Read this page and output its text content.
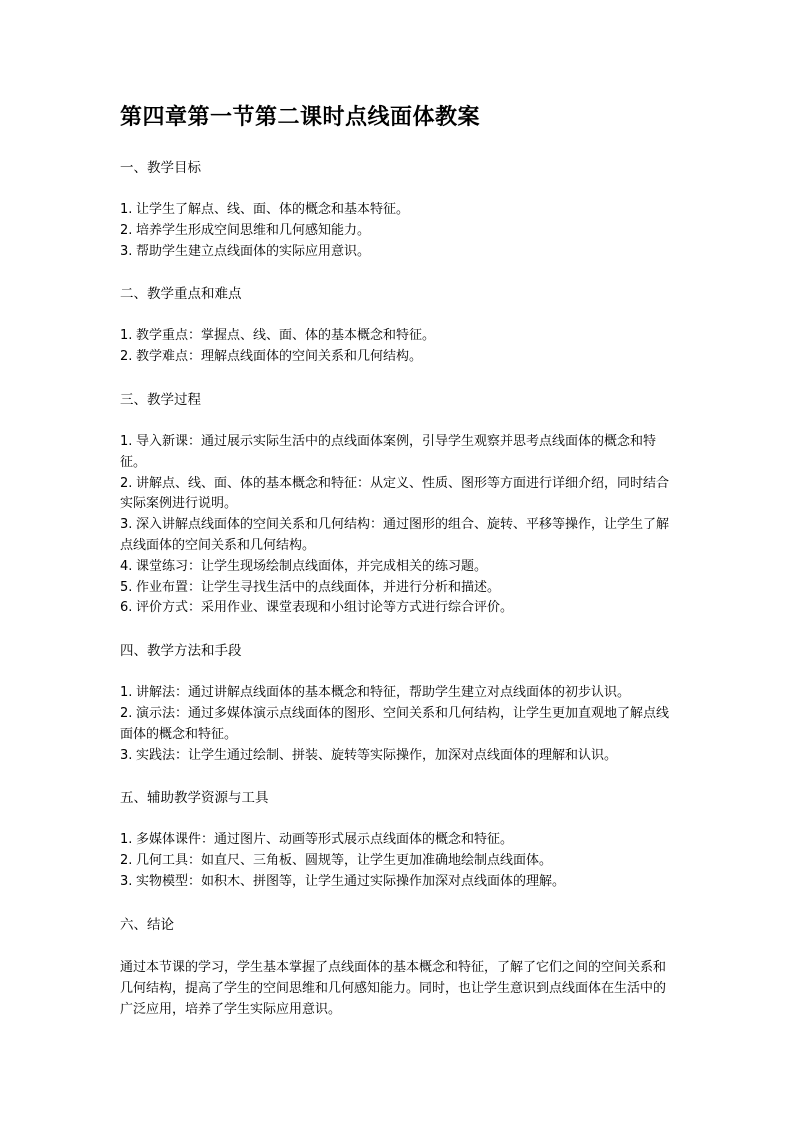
第四章第一节第二课时点线面体教案
一、教学目标
1. 让学生了解点、线、面、体的概念和基本特征。
2. 培养学生形成空间思维和几何感知能力。
3. 帮助学生建立点线面体的实际应用意识。
二、教学重点和难点
1. 教学重点：掌握点、线、面、体的基本概念和特征。
2. 教学难点：理解点线面体的空间关系和几何结构。
三、教学过程
1. 导入新课：通过展示实际生活中的点线面体案例，引导学生观察并思考点线面体的概念和特征。
2. 讲解点、线、面、体的基本概念和特征：从定义、性质、图形等方面进行详细介绍，同时结合实际案例进行说明。
3. 深入讲解点线面体的空间关系和几何结构：通过图形的组合、旋转、平移等操作，让学生了解点线面体的空间关系和几何结构。
4. 课堂练习：让学生现场绘制点线面体，并完成相关的练习题。
5. 作业布置：让学生寻找生活中的点线面体，并进行分析和描述。
6. 评价方式：采用作业、课堂表现和小组讨论等方式进行综合评价。
四、教学方法和手段
1. 讲解法：通过讲解点线面体的基本概念和特征，帮助学生建立对点线面体的初步认识。
2. 演示法：通过多媒体演示点线面体的图形、空间关系和几何结构，让学生更加直观地了解点线面体的概念和特征。
3. 实践法：让学生通过绘制、拼装、旋转等实际操作，加深对点线面体的理解和认识。
五、辅助教学资源与工具
1. 多媒体课件：通过图片、动画等形式展示点线面体的概念和特征。
2. 几何工具：如直尺、三角板、圆规等，让学生更加准确地绘制点线面体。
3. 实物模型：如积木、拼图等，让学生通过实际操作加深对点线面体的理解。
六、结论

通过本节课的学习，学生基本掌握了点线面体的基本概念和特征，了解了它们之间的空间关系和几何结构，提高了学生的空间思维和几何感知能力。同时，也让学生意识到点线面体在生活中的广泛应用，培养了学生实际应用意识。
